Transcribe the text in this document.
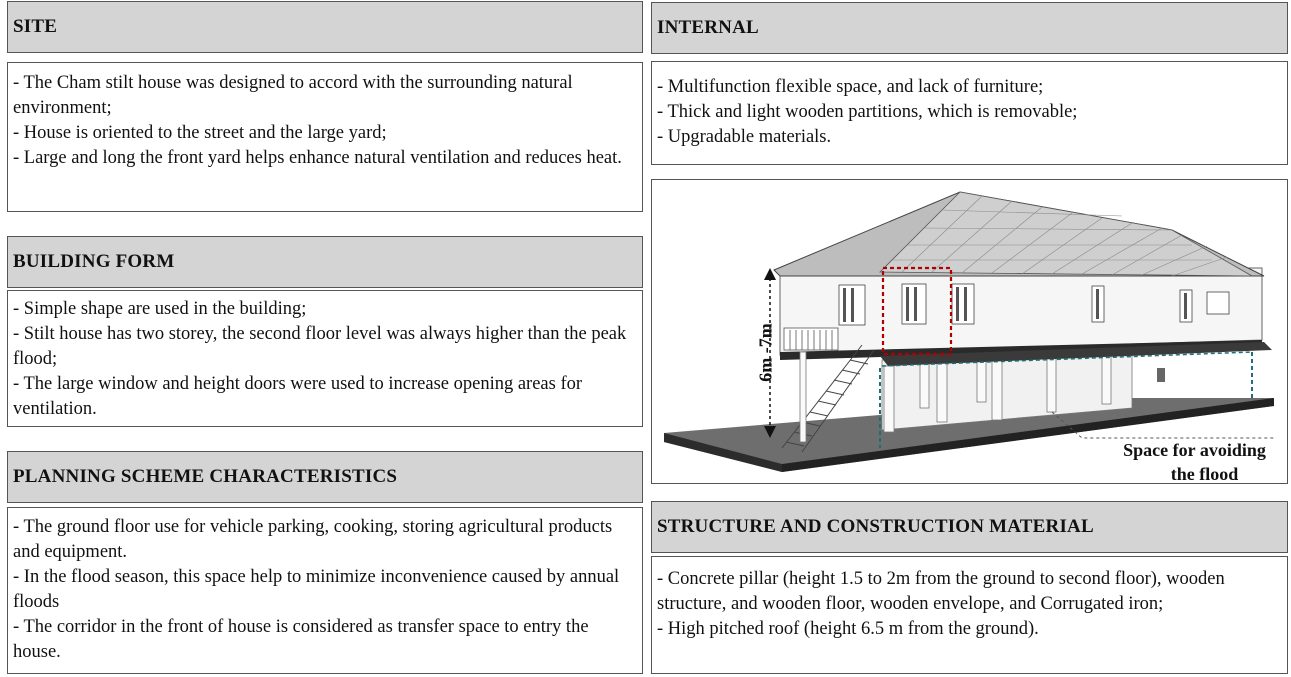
SITE

- The Cham stilt house was designed to accord with the surrounding natural environment;

- House is oriented to the street and the large yard;

- Large and long the front yard helps enhance natural ventilation and reduces heat.

BUILDING FORM

- Simple shape are used in the building;

- Stilt house has two storey, the second floor level was always higher than the peak flood;

- The large window and height doors were used to increase opening areas for ventilation.

PLANNING SCHEME CHARACTERISTICS

- The ground floor use for vehicle parking, cooking, storing agricultural products and equipment.

- In the flood season, this space help to minimize inconvenience caused by annual floods

- The corridor in the front of house is considered as transfer space to entry the house.

INTERNAL

- Multifunction flexible space, and lack of furniture;

- Thick and light wooden partitions, which is removable;

- Upgradable materials.

6m -7m
Space for avoiding
the flood
STRUCTURE AND CONSTRUCTION MATERIAL

- Concrete pillar (height 1.5 to 2m from the ground to second floor), wooden structure, and wooden floor, wooden envelope, and Corrugated iron;

- High pitched roof (height 6.5 m from the ground).
